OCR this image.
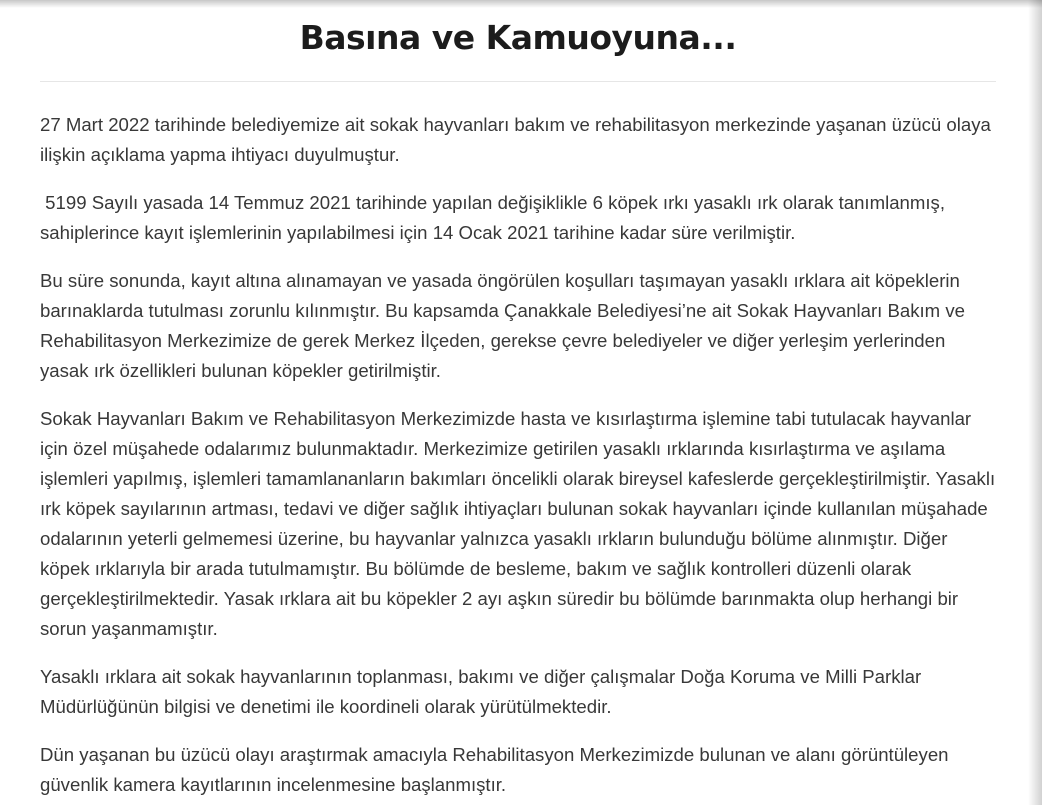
Basına ve Kamuoyuna...

27 Mart 2022 tarihinde belediyemize ait sokak hayvanları bakım ve rehabilitasyon merkezinde yaşanan üzücü olaya ilişkin açıklama yapma ihtiyacı duyulmuştur.

5199 Sayılı yasada 14 Temmuz 2021 tarihinde yapılan değişiklikle 6 köpek ırkı yasaklı ırk olarak tanımlanmış, sahiplerince kayıt işlemlerinin yapılabilmesi için 14 Ocak 2021 tarihine kadar süre verilmiştir.

Bu süre sonunda, kayıt altına alınamayan ve yasada öngörülen koşulları taşımayan yasaklı ırklara ait köpeklerin barınaklarda tutulması zorunlu kılınmıştır. Bu kapsamda Çanakkale Belediyesi’ne ait Sokak Hayvanları Bakım ve Rehabilitasyon Merkezimize de gerek Merkez İlçeden, gerekse çevre belediyeler ve diğer yerleşim yerlerinden yasak ırk özellikleri bulunan köpekler getirilmiştir.

Sokak Hayvanları Bakım ve Rehabilitasyon Merkezimizde hasta ve kısırlaştırma işlemine tabi tutulacak hayvanlar için özel müşahede odalarımız bulunmaktadır. Merkezimize getirilen yasaklı ırklarında kısırlaştırma ve aşılama işlemleri yapılmış, işlemleri tamamlananların bakımları öncelikli olarak bireysel kafeslerde gerçekleştirilmiştir. Yasaklı ırk köpek sayılarının artması, tedavi ve diğer sağlık ihtiyaçları bulunan sokak hayvanları içinde kullanılan müşahade odalarının yeterli gelmemesi üzerine, bu hayvanlar yalnızca yasaklı ırkların bulunduğu bölüme alınmıştır. Diğer köpek ırklarıyla bir arada tutulmamıştır. Bu bölümde de besleme, bakım ve sağlık kontrolleri düzenli olarak gerçekleştirilmektedir. Yasak ırklara ait bu köpekler 2 ayı aşkın süredir bu bölümde barınmakta olup herhangi bir sorun yaşanmamıştır.

Yasaklı ırklara ait sokak hayvanlarının toplanması, bakımı ve diğer çalışmalar Doğa Koruma ve Milli Parklar Müdürlüğünün bilgisi ve denetimi ile koordineli olarak yürütülmektedir.

Dün yaşanan bu üzücü olayı araştırmak amacıyla Rehabilitasyon Merkezimizde bulunan ve alanı görüntüleyen güvenlik kamera kayıtlarının incelenmesine başlanmıştır.
